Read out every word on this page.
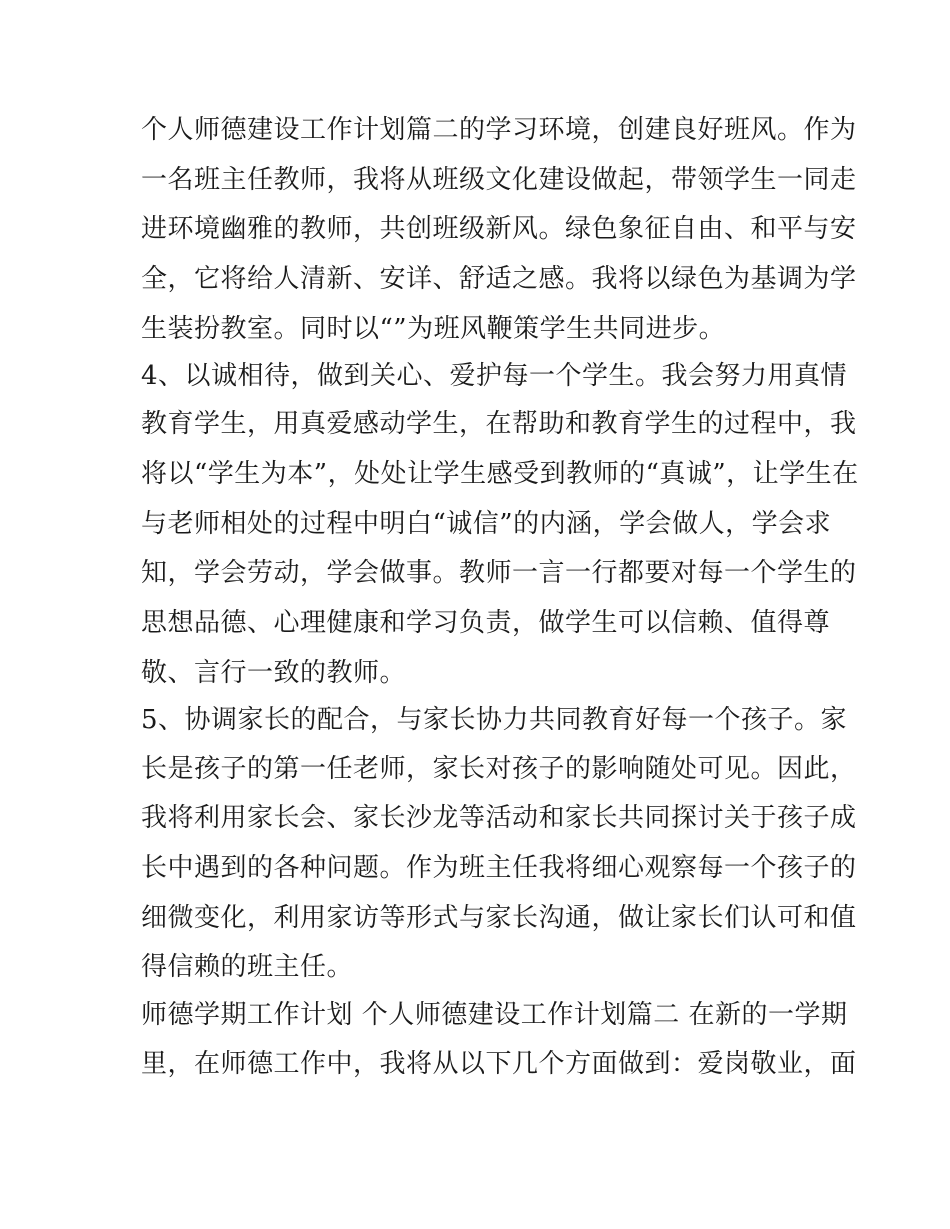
个人师德建设工作计划篇二的学习环境，创建良好班风。作为
一名班主任教师，我将从班级文化建设做起，带领学生一同走
进环境幽雅的教师，共创班级新风。绿色象征自由、和平与安
全，它将给人清新、安详、舒适之感。我将以绿色为基调为学
生装扮教室。同时以“”为班风鞭策学生共同进步。
4、以诚相待，做到关心、爱护每一个学生。我会努力用真情
教育学生，用真爱感动学生，在帮助和教育学生的过程中，我
将以“学生为本”，处处让学生感受到教师的“真诚”，让学生在
与老师相处的过程中明白“诚信”的内涵，学会做人，学会求
知，学会劳动，学会做事。教师一言一行都要对每一个学生的
思想品德、心理健康和学习负责，做学生可以信赖、值得尊
敬、言行一致的教师。
5、协调家长的配合，与家长协力共同教育好每一个孩子。家
长是孩子的第一任老师，家长对孩子的影响随处可见。因此，
我将利用家长会、家长沙龙等活动和家长共同探讨关于孩子成
长中遇到的各种问题。作为班主任我将细心观察每一个孩子的
细微变化，利用家访等形式与家长沟通，做让家长们认可和值
得信赖的班主任。
师德学期工作计划 个人师德建设工作计划篇二 在新的一学期
里，在师德工作中，我将从以下几个方面做到：爱岗敬业，面
